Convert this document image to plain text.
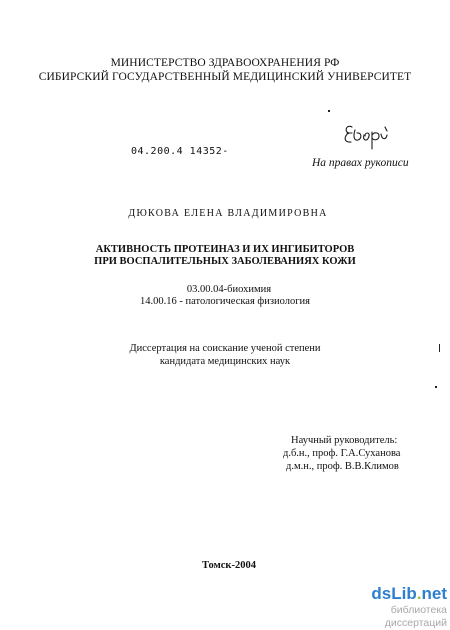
МИНИСТЕРСТВО ЗДРАВООХРАНЕНИЯ РФ
СИБИРСКИЙ ГОСУДАРСТВЕННЫЙ МЕДИЦИНСКИЙ УНИВЕРСИТЕТ
04.200.4 14352-
На правах рукописи
ДЮКОВА ЕЛЕНА ВЛАДИМИРОВНА
АКТИВНОСТЬ ПРОТЕИНАЗ И ИХ ИНГИБИТОРОВ
ПРИ ВОСПАЛИТЕЛЬНЫХ ЗАБОЛЕВАНИЯХ КОЖИ
03.00.04-биохимия
14.00.16 - патологическая физиология
Диссертация на соискание ученой степени
кандидата медицинских наук
Научный руководитель:
д.б.н., проф. Г.А.Суханова
д.м.н., проф. В.В.Климов
Томск-2004
dsLib.net
библиотека диссертаций
